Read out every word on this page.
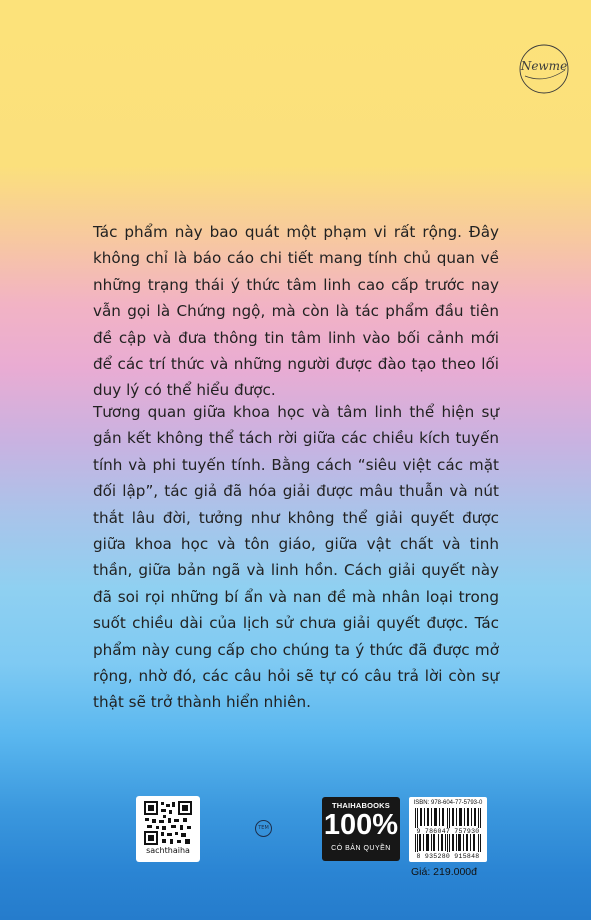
Newme

Tác phẩm này bao quát một phạm vi rất rộng. Đây không chỉ là báo cáo chi tiết mang tính chủ quan về những trạng thái ý thức tâm linh cao cấp trước nay vẫn gọi là Chứng ngộ, mà còn là tác phẩm đầu tiên đề cập và đưa thông tin tâm linh vào bối cảnh mới để các trí thức và những người được đào tạo theo lối duy lý có thể hiểu được.

Tương quan giữa khoa học và tâm linh thể hiện sự gắn kết không thể tách rời giữa các chiều kích tuyến tính và phi tuyến tính. Bằng cách “siêu việt các mặt đối lập”, tác giả đã hóa giải được mâu thuẫn và nút thắt lâu đời, tưởng như không thể giải quyết được giữa khoa học và tôn giáo, giữa vật chất và tinh thần, giữa bản ngã và linh hồn. Cách giải quyết này đã soi rọi những bí ẩn và nan đề mà nhân loại trong suốt chiều dài của lịch sử chưa giải quyết được. Tác phẩm này cung cấp cho chúng ta ý thức đã được mở rộng, nhờ đó, các câu hỏi sẽ tự có câu trả lời còn sự thật sẽ trở thành hiển nhiên.

sachthaiha
TEM
THAIHABOOKS
100%
CÓ BẢN QUYỀN
ISBN: 978-604-77-5793-0
9 786047 757930
8 935280 915848
Giá: 219.000đ
